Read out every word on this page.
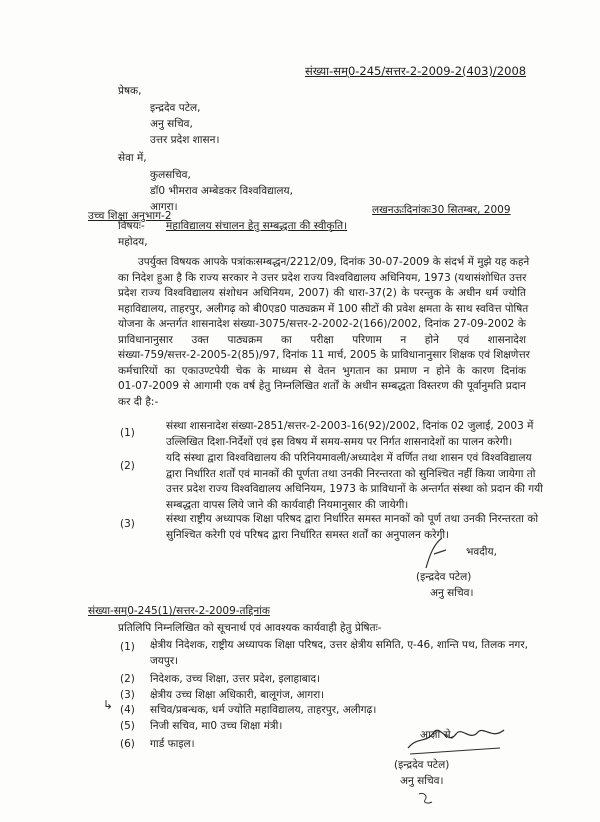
संख्या-सम्0-245/सत्तर-2-2009-2(403)/2008
प्रेषक,
इन्द्रदेव पटेल,
अनु सचिव,
उत्तर प्रदेश शासन।
सेवा में,
कुलसचिव,
डॉ0 भीमराव अम्बेडकर विश्वविद्यालय,
आगरा।
उच्च शिक्षा अनुभाग-2	लखनऊःदिनांकः30 सितम्बर, 2009
विषयः- महाविद्यालय संचालन हेतु सम्बद्धता की स्वीकृति।
महोदय,
उपर्युक्त विषयक आपके पत्रांकःसम्बद्धन/2212/09, दिनांक 30-07-2009 के संदर्भ में मुझे यह कहने
का निदेश हुआ है कि राज्य सरकार ने उत्तर प्रदेश राज्य विश्वविद्यालय अधिनियम, 1973 (यथासंशोधित उत्तर
प्रदेश राज्य विश्वविद्यालय संशोधन अधिनियम, 2007) की धारा-37(2) के परन्तुक के अधीन धर्म ज्योति
महाविद्यालय, ताहरपुर, अलीगढ़ को बी0एड0 पाठ्यक्रम में 100 सीटों की प्रवेश क्षमता के साथ स्ववित्त पोषित
योजना के अन्तर्गत शासनादेश संख्या-3075/सत्तर-2-2002-2(166)/2002, दिनांक 27-09-2002 के
प्राविधानानुसार उक्त पाठ्यक्रम का परीक्षा परिणाम न होने एवं शासनादेश
संख्या-759/सत्तर-2-2005-2(85)/97, दिनांक 11 मार्च, 2005 के प्राविधानानुसार शिक्षक एवं शिक्षणेत्तर
कर्मचारियों का एकाउण्टपेयी चेक के माध्यम से वेतन भुगतान का प्रमाण न होने के कारण दिनांक
01-07-2009 से आगामी एक वर्ष हेतु निम्नलिखित शर्तों के अधीन सम्बद्धता विस्तरण की पूर्वानुमति प्रदान
कर दी है:-
(1)
संस्था शासनादेश संख्या-2851/सत्तर-2-2003-16(92)/2002, दिनांक 02 जुलाई, 2003 में
उल्लिखित दिशा-निर्देशों एवं इस विषय में समय-समय पर निर्गत शासनादेशों का पालन करेगी।
(2)
यदि संस्था द्वारा विश्वविद्यालय की परिनियमावली/अध्यादेश में वर्णित तथा शासन एवं विश्वविद्यालय
द्वारा निर्धारित शर्तों एवं मानकों की पूर्णता तथा उनकी निरन्तरता को सुनिश्चित नहीं किया जायेगा तो
उत्तर प्रदेश राज्य विश्वविद्यालय अधिनियम, 1973 के प्राविधानों के अन्तर्गत संस्था को प्रदान की गयी
सम्बद्धता वापस लिये जाने की कार्यवाही नियमानुसार की जायेगी।
(3)	संस्था राष्ट्रीय अध्यापक शिक्षा परिषद द्वारा निर्धारित समस्त मानकों को पूर्ण तथा उनकी निरन्तरता को
सुनिश्चित करेगी एवं परिषद द्वारा निर्धारित समस्त शर्तों का अनुपालन करेगी।
भवदीय,
(इन्द्रदेव पटेल)
अनु सचिव।
संख्या-सम्0-245(1)/सत्तर-2-2009-तद्दिनांक
प्रतिलिपि निम्नलिखित को सूचनार्थ एवं आवश्यक कार्यवाही हेतु प्रेषितः-
(1) क्षेत्रीय निदेशक, राष्ट्रीय अध्यापक शिक्षा परिषद, उत्तर क्षेत्रीय समिति, ए-46, शान्ति पथ, तिलक नगर,
जयपुर।
(2) निदेशक, उच्च शिक्षा, उत्तर प्रदेश, इलाहाबाद।
(3) क्षेत्रीय उच्च शिक्षा अधिकारी, बालूगंज, आगरा।
↳ (4) सचिव/प्रबन्धक, धर्म ज्योति महाविद्यालय, ताहरपुर, अलीगढ़।
(5) निजी सचिव, मा0 उच्च शिक्षा मंत्री।
(6) गार्ड फाइल।
आज्ञा से,
(इन्द्रदेव पटेल)
अनु सचिव।
